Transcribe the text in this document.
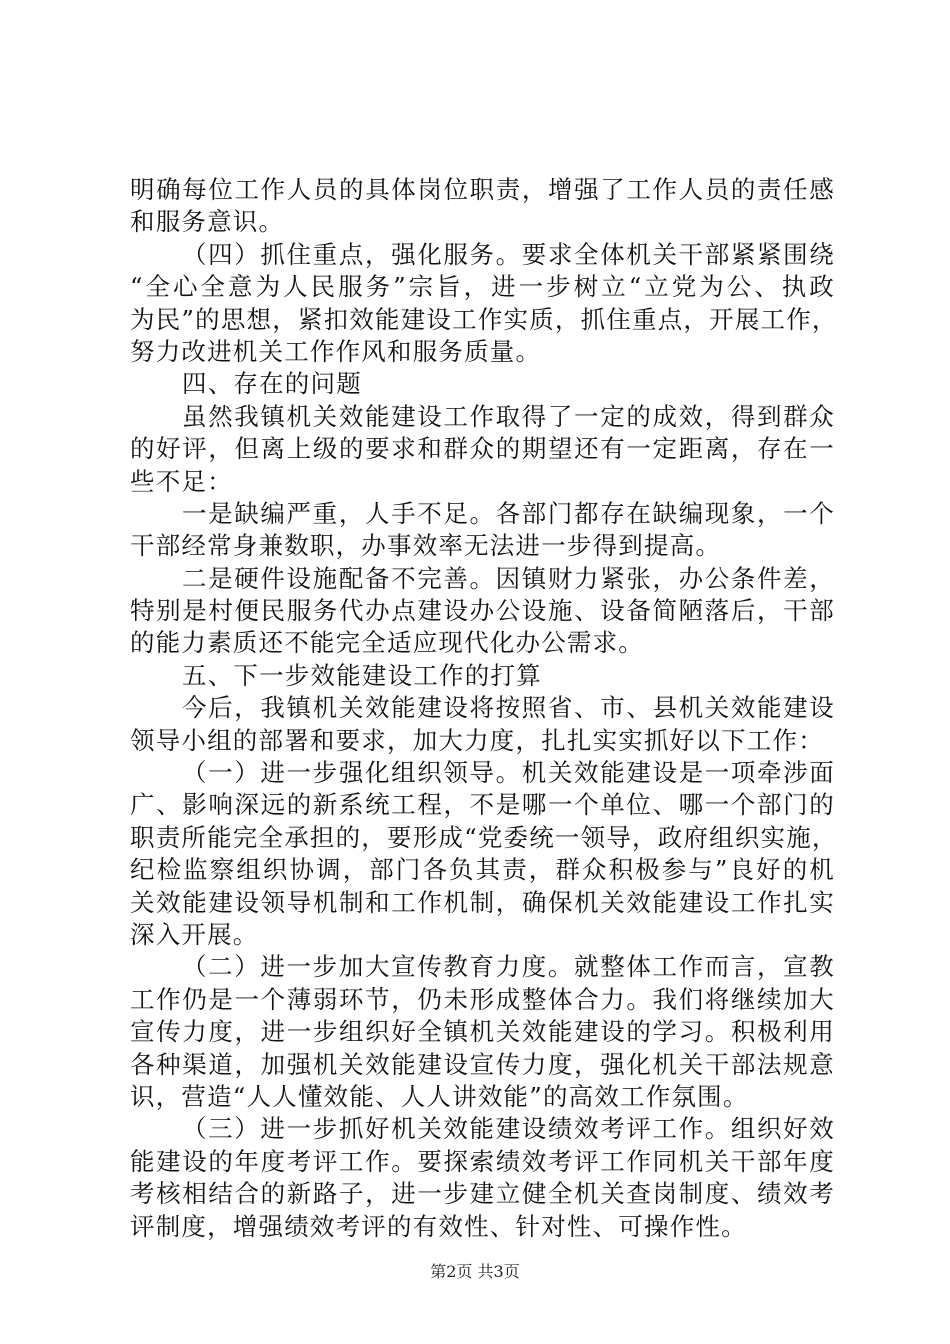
明确每位工作人员的具体岗位职责，增强了工作人员的责任感
和服务意识。
（四）抓住重点，强化服务。要求全体机关干部紧紧围绕
“全心全意为人民服务”宗旨，进一步树立“立党为公、执政
为民”的思想，紧扣效能建设工作实质，抓住重点，开展工作，
努力改进机关工作作风和服务质量。
四、存在的问题
虽然我镇机关效能建设工作取得了一定的成效，得到群众
的好评，但离上级的要求和群众的期望还有一定距离，存在一
些不足：
一是缺编严重，人手不足。各部门都存在缺编现象，一个
干部经常身兼数职，办事效率无法进一步得到提高。
二是硬件设施配备不完善。因镇财力紧张，办公条件差，
特别是村便民服务代办点建设办公设施、设备简陋落后，干部
的能力素质还不能完全适应现代化办公需求。
五、下一步效能建设工作的打算
今后，我镇机关效能建设将按照省、市、县机关效能建设
领导小组的部署和要求，加大力度，扎扎实实抓好以下工作：
（一）进一步强化组织领导。机关效能建设是一项牵涉面
广、影响深远的新系统工程，不是哪一个单位、哪一个部门的
职责所能完全承担的，要形成“党委统一领导，政府组织实施，
纪检监察组织协调，部门各负其责，群众积极参与”良好的机
关效能建设领导机制和工作机制，确保机关效能建设工作扎实
深入开展。
（二）进一步加大宣传教育力度。就整体工作而言，宣教
工作仍是一个薄弱环节，仍未形成整体合力。我们将继续加大
宣传力度，进一步组织好全镇机关效能建设的学习。积极利用
各种渠道，加强机关效能建设宣传力度，强化机关干部法规意
识，营造“人人懂效能、人人讲效能”的高效工作氛围。
（三）进一步抓好机关效能建设绩效考评工作。组织好效
能建设的年度考评工作。要探索绩效考评工作同机关干部年度
考核相结合的新路子，进一步建立健全机关查岗制度、绩效考
评制度，增强绩效考评的有效性、针对性、可操作性。
第2页 共3页
